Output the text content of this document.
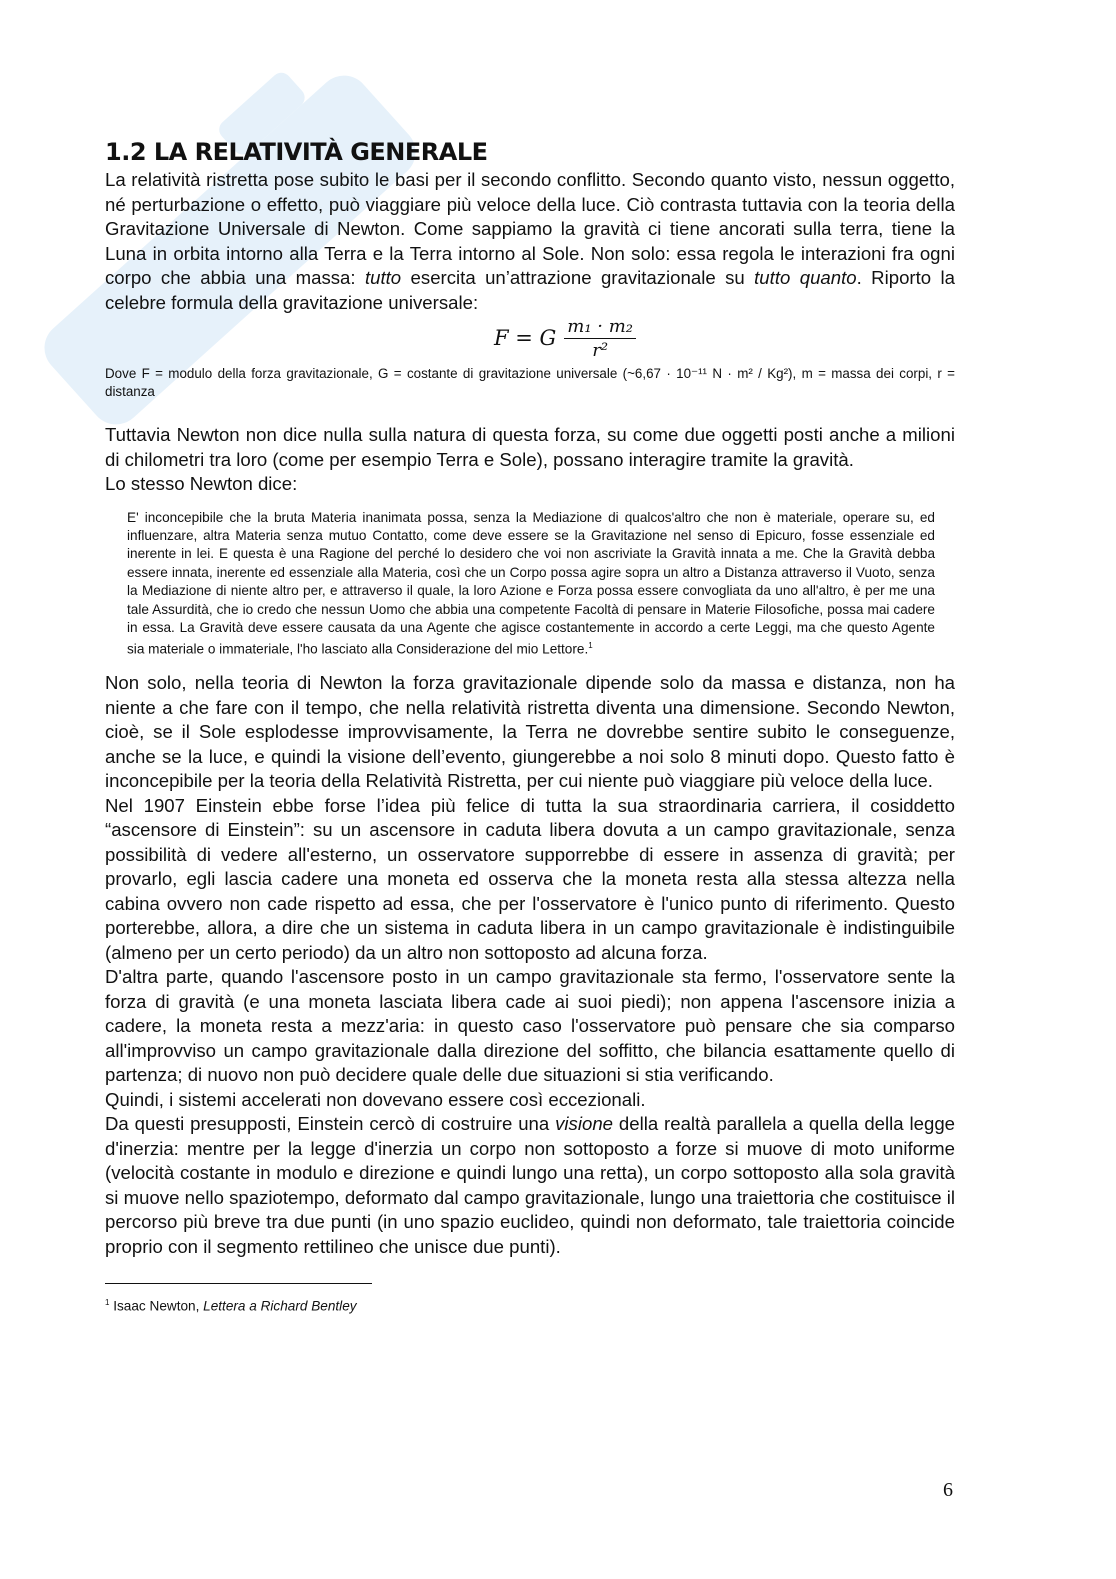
1.2 LA RELATIVITÀ GENERALE

La relatività ristretta pose subito le basi per il secondo conflitto. Secondo quanto visto, nessun oggetto, né perturbazione o effetto, può viaggiare più veloce della luce. Ciò contrasta tuttavia con la teoria della Gravitazione Universale di Newton. Come sappiamo la gravità ci tiene ancorati sulla terra, tiene la Luna in orbita intorno alla Terra e la Terra intorno al Sole. Non solo: essa regola le interazioni fra ogni corpo che abbia una massa: tutto esercita un’attrazione gravitazionale su tutto quanto. Riporto la celebre formula della gravitazione universale:

F = G $\frac{\text{m₁ · m₂}}{\text{r²}}$

Dove F = modulo della forza gravitazionale, G = costante di gravitazione universale (~6,67 · 10⁻¹¹ N · m² / Kg²), m = massa dei corpi, r = distanza

Tuttavia Newton non dice nulla sulla natura di questa forza, su come due oggetti posti anche a milioni di chilometri tra loro (come per esempio Terra e Sole), possano interagire tramite la gravità.

Lo stesso Newton dice:

E' inconcepibile che la bruta Materia inanimata possa, senza la Mediazione di qualcos'altro che non è materiale, operare su, ed influenzare, altra Materia senza mutuo Contatto, come deve essere se la Gravitazione nel senso di Epicuro, fosse essenziale ed inerente in lei. E questa è una Ragione del perché lo desidero che voi non ascriviate la Gravità innata a me. Che la Gravità debba essere innata, inerente ed essenziale alla Materia, così che un Corpo possa agire sopra un altro a Distanza attraverso il Vuoto, senza la Mediazione di niente altro per, e attraverso il quale, la loro Azione e Forza possa essere convogliata da uno all'altro, è per me una tale Assurdità, che io credo che nessun Uomo che abbia una competente Facoltà di pensare in Materie Filosofiche, possa mai cadere in essa. La Gravità deve essere causata da una Agente che agisce costantemente in accordo a certe Leggi, ma che questo Agente sia materiale o immateriale, l'ho lasciato alla Considerazione del mio Lettore.$^1$

Non solo, nella teoria di Newton la forza gravitazionale dipende solo da massa e distanza, non ha niente a che fare con il tempo, che nella relatività ristretta diventa una dimensione. Secondo Newton, cioè, se il Sole esplodesse improvvisamente, la Terra ne dovrebbe sentire subito le conseguenze, anche se la luce, e quindi la visione dell’evento, giungerebbe a noi solo 8 minuti dopo. Questo fatto è inconcepibile per la teoria della Relatività Ristretta, per cui niente può viaggiare più veloce della luce.

Nel 1907 Einstein ebbe forse l’idea più felice di tutta la sua straordinaria carriera, il cosiddetto “ascensore di Einstein”: su un ascensore in caduta libera dovuta a un campo gravitazionale, senza possibilità di vedere all'esterno, un osservatore supporrebbe di essere in assenza di gravità; per provarlo, egli lascia cadere una moneta ed osserva che la moneta resta alla stessa altezza nella cabina ovvero non cade rispetto ad essa, che per l'osservatore è l'unico punto di riferimento. Questo porterebbe, allora, a dire che un sistema in caduta libera in un campo gravitazionale è indistinguibile (almeno per un certo periodo) da un altro non sottoposto ad alcuna forza.

D'altra parte, quando l'ascensore posto in un campo gravitazionale sta fermo, l'osservatore sente la forza di gravità (e una moneta lasciata libera cade ai suoi piedi); non appena l'ascensore inizia a cadere, la moneta resta a mezz'aria: in questo caso l'osservatore può pensare che sia comparso all'improvviso un campo gravitazionale dalla direzione del soffitto, che bilancia esattamente quello di partenza; di nuovo non può decidere quale delle due situazioni si stia verificando.

Quindi, i sistemi accelerati non dovevano essere così eccezionali.

Da questi presupposti, Einstein cercò di costruire una visione della realtà parallela a quella della legge d'inerzia: mentre per la legge d'inerzia un corpo non sottoposto a forze si muove di moto uniforme (velocità costante in modulo e direzione e quindi lungo una retta), un corpo sottoposto alla sola gravità si muove nello spaziotempo, deformato dal campo gravitazionale, lungo una traiettoria che costituisce il percorso più breve tra due punti (in uno spazio euclideo, quindi non deformato, tale traiettoria coincide proprio con il segmento rettilineo che unisce due punti).

$^1$ Isaac Newton, Lettera a Richard Bentley
6
